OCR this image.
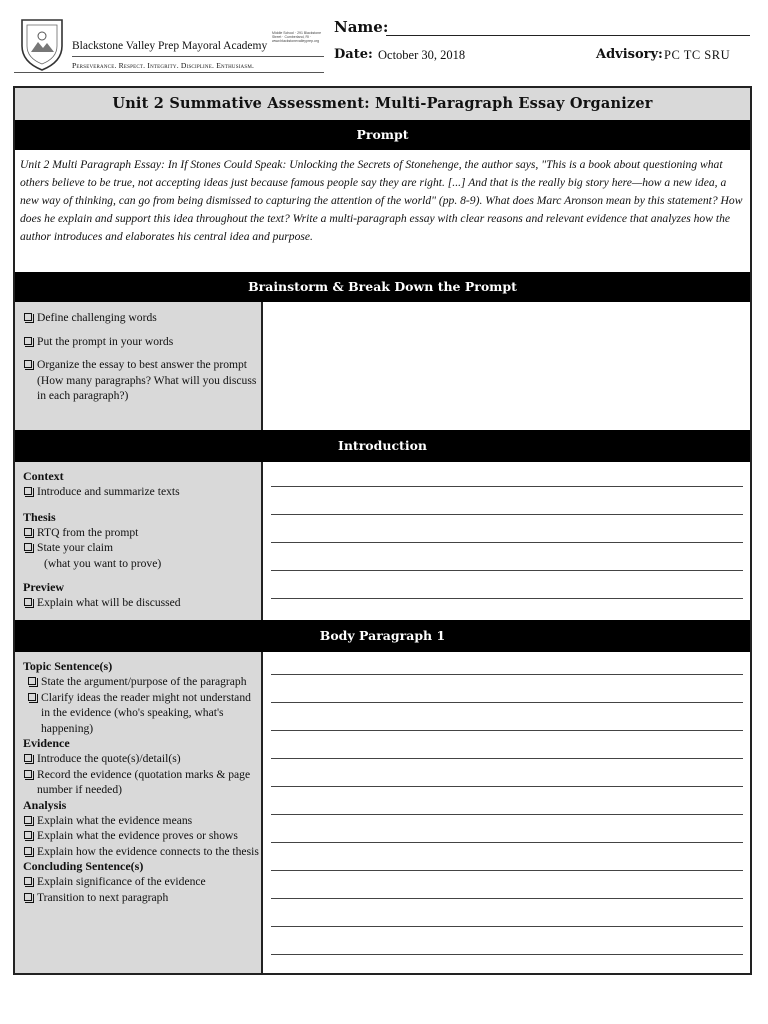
Blackstone Valley Prep Mayoral Academy
Middle School · 291 Blackstone Street · Cumberland, RI · www.blackstonevalleyprep.org
Perseverance. Respect. Integrity. Discipline. Enthusiasm.
Name:
Date: October 30, 2018	Advisory: PC TC SRU
Unit 2 Summative Assessment: Multi-Paragraph Essay Organizer
Prompt
Unit 2 Multi Paragraph Essay: In If Stones Could Speak: Unlocking the Secrets of Stonehenge, the author says, "This is a book about questioning what others believe to be true, not accepting ideas just because famous people say they are right. [...] And that is the really big story here—how a new idea, a new way of thinking, can go from being dismissed to capturing the attention of the world" (pp. 8-9). What does Marc Aronson mean by this statement? How does he explain and support this idea throughout the text? Write a multi-paragraph essay with clear reasons and relevant evidence that analyzes how the author introduces and elaborates his central idea and purpose.
Brainstorm & Break Down the Prompt
Define challenging words
Put the prompt in your words
Organize the essay to best answer the prompt (How many paragraphs? What will you discuss in each paragraph?)
Introduction
Context
Introduce and summarize texts
Thesis
RTQ from the prompt
State your claim
(what you want to prove)
Preview
Explain what will be discussed
Body Paragraph 1
Topic Sentence(s)
State the argument/purpose of the paragraph
Clarify ideas the reader might not understand in the evidence (who's speaking, what's happening)
Evidence
Introduce the quote(s)/detail(s)
Record the evidence (quotation marks & page number if needed)
Analysis
Explain what the evidence means
Explain what the evidence proves or shows
Explain how the evidence connects to the thesis
Concluding Sentence(s)
Explain significance of the evidence
Transition to next paragraph
